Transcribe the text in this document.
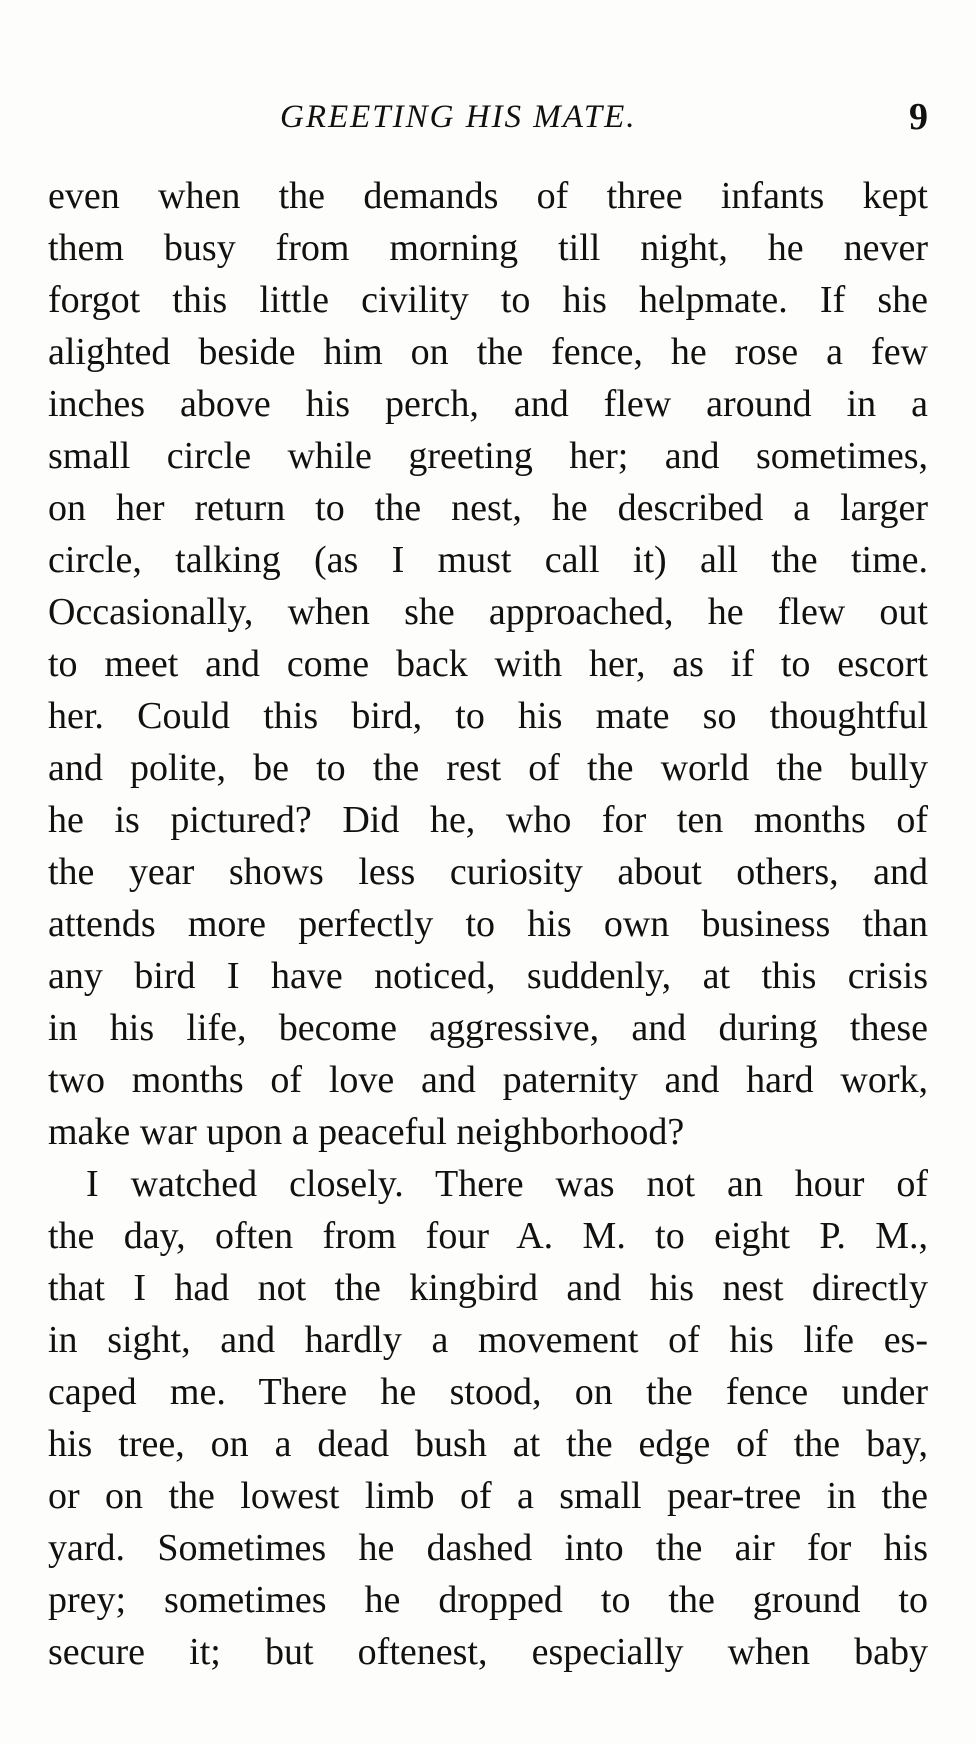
GREETING HIS MATE.	9
even when the demands of three infants kept
them busy from morning till night, he never
forgot this little civility to his helpmate. If she
alighted beside him on the fence, he rose a few
inches above his perch, and flew around in a
small circle while greeting her; and sometimes,
on her return to the nest, he described a larger
circle, talking (as I must call it) all the time.
Occasionally, when she approached, he flew out
to meet and come back with her, as if to escort
her. Could this bird, to his mate so thoughtful
and polite, be to the rest of the world the bully
he is pictured? Did he, who for ten months of
the year shows less curiosity about others, and
attends more perfectly to his own business than
any bird I have noticed, suddenly, at this crisis
in his life, become aggressive, and during these
two months of love and paternity and hard work,
make war upon a peaceful neighborhood?
I watched closely. There was not an hour of
the day, often from four A. M. to eight P. M.,
that I had not the kingbird and his nest directly
in sight, and hardly a movement of his life es-
caped me. There he stood, on the fence under
his tree, on a dead bush at the edge of the bay,
or on the lowest limb of a small pear-tree in the
yard. Sometimes he dashed into the air for his
prey; sometimes he dropped to the ground to
secure it; but oftenest, especially when baby
